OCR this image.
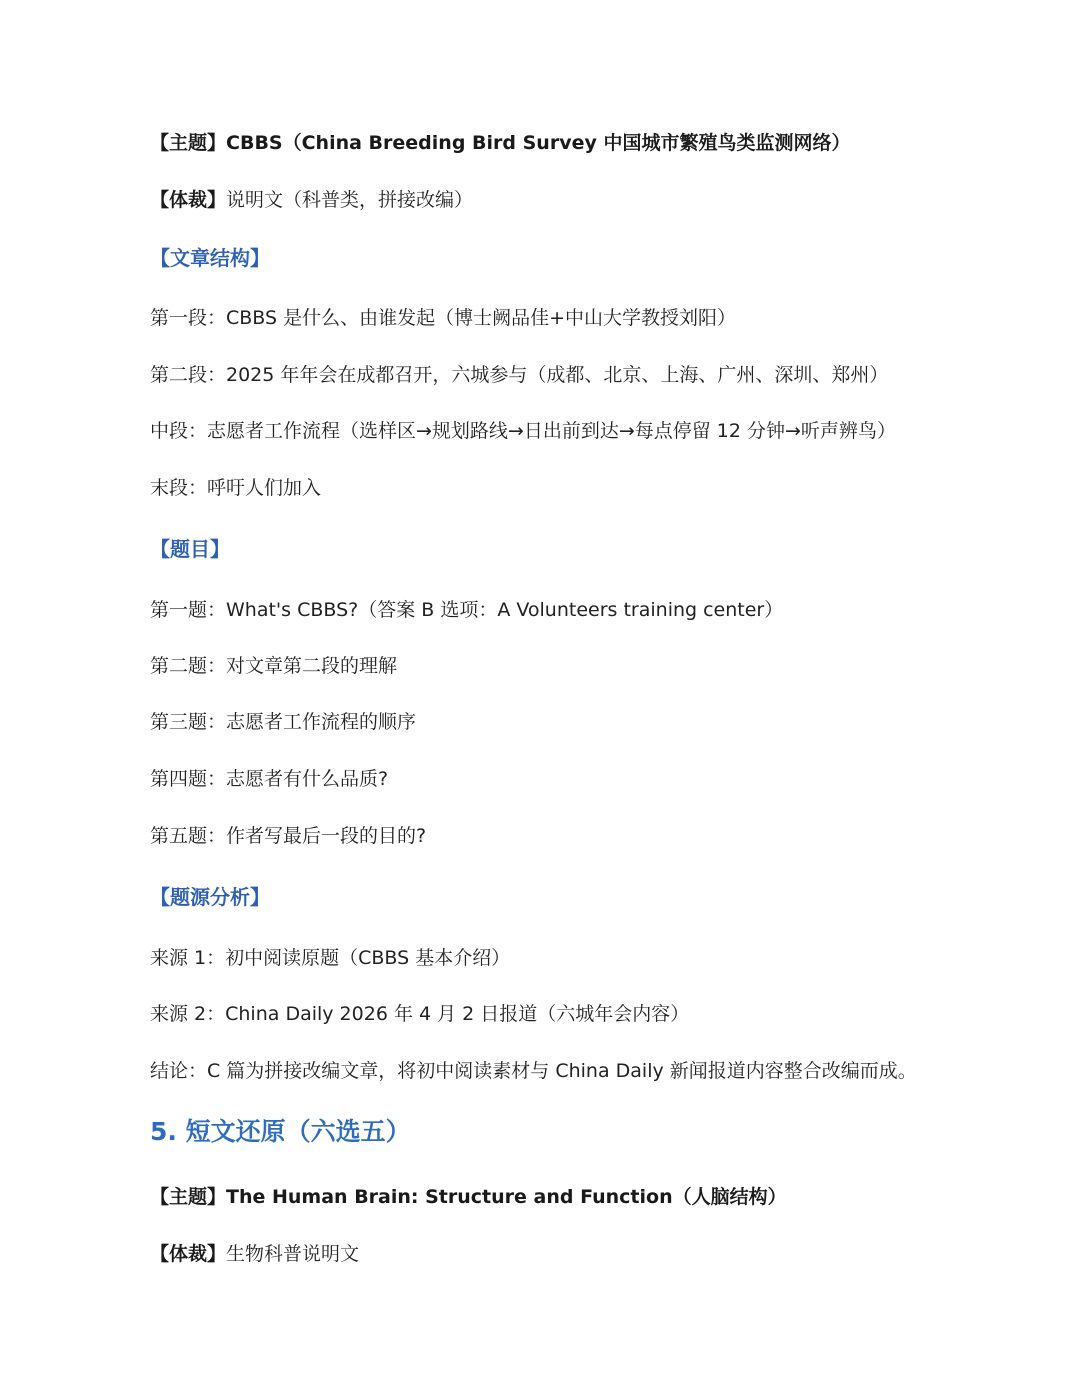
【主题】CBBS（China Breeding Bird Survey 中国城市繁殖鸟类监测网络）
【体裁】说明文（科普类，拼接改编）
【文章结构】
第一段：CBBS 是什么、由谁发起（博士阙品佳+中山大学教授刘阳）
第二段：2025 年年会在成都召开，六城参与（成都、北京、上海、广州、深圳、郑州）
中段：志愿者工作流程（选样区→规划路线→日出前到达→每点停留 12 分钟→听声辨鸟）
末段：呼吁人们加入
【题目】
第一题：What's CBBS?（答案 B 选项：A Volunteers training center）
第二题：对文章第二段的理解
第三题：志愿者工作流程的顺序
第四题：志愿者有什么品质?
第五题：作者写最后一段的目的?
【题源分析】
来源 1：初中阅读原题（CBBS 基本介绍）
来源 2：China Daily 2026 年 4 月 2 日报道（六城年会内容）
结论：C 篇为拼接改编文章，将初中阅读素材与 China Daily 新闻报道内容整合改编而成。
5. 短文还原（六选五）
【主题】The Human Brain: Structure and Function（人脑结构）
【体裁】生物科普说明文
